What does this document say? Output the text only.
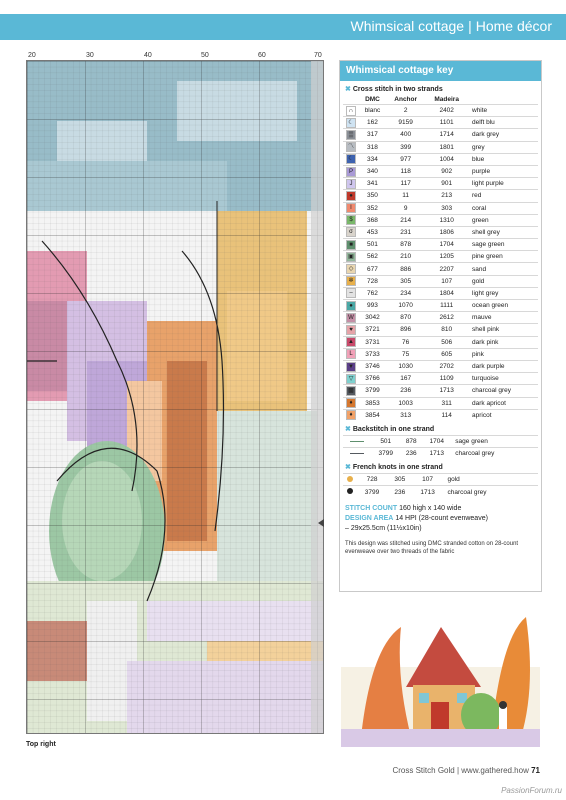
Whimsical cottage | Home décor
20	30	40	50	60	70
Top right
Whimsical cottage key
✖ Cross stitch in two strands
	DMC	Anchor	Madeira	
∩	blanc	2	2402	white
☾	162	9159	1101	delft blu
▒	317	400	1714	dark grey
〽	318	399	1801	grey
☾	334	977	1004	blue
P	340	118	902	purple
J	341	117	901	light purple
●	350	11	213	red
I	352	9	303	coral
$	368	214	1310	green
σ	453	231	1806	shell grey
■	501	878	1704	sage green
▣	562	210	1205	pine green
◇	677	886	2207	sand
✲	728	305	107	gold
–	762	234	1804	light grey
●	993	1070	1111	ocean green
W	3042	870	2612	mauve
♥	3721	896	810	shell pink
▲	3731	76	506	dark pink
L	3733	75	605	pink
▼	3746	1030	2702	dark purple
▽	3766	167	1109	turquoise
▩	3799	236	1713	charcoal grey
♦	3853	1003	311	dark apricot
♦	3854	313	114	apricot
✖ Backstitch in one strand
	501	878	1704	sage green
	3799	236	1713	charcoal grey
✖ French knots in one strand
	728	305	107	gold
	3799	236	1713	charcoal grey
STITCH COUNT 160 high x 140 wide
DESIGN AREA 14 HPI (28-count evenweave)
– 29x25.5cm (11½x10in)
This design was stitched using DMC stranded cotton on 28-count evenweave over two threads of the fabric
Cross Stitch Gold | www.gathered.how 71
PassionForum.ru
